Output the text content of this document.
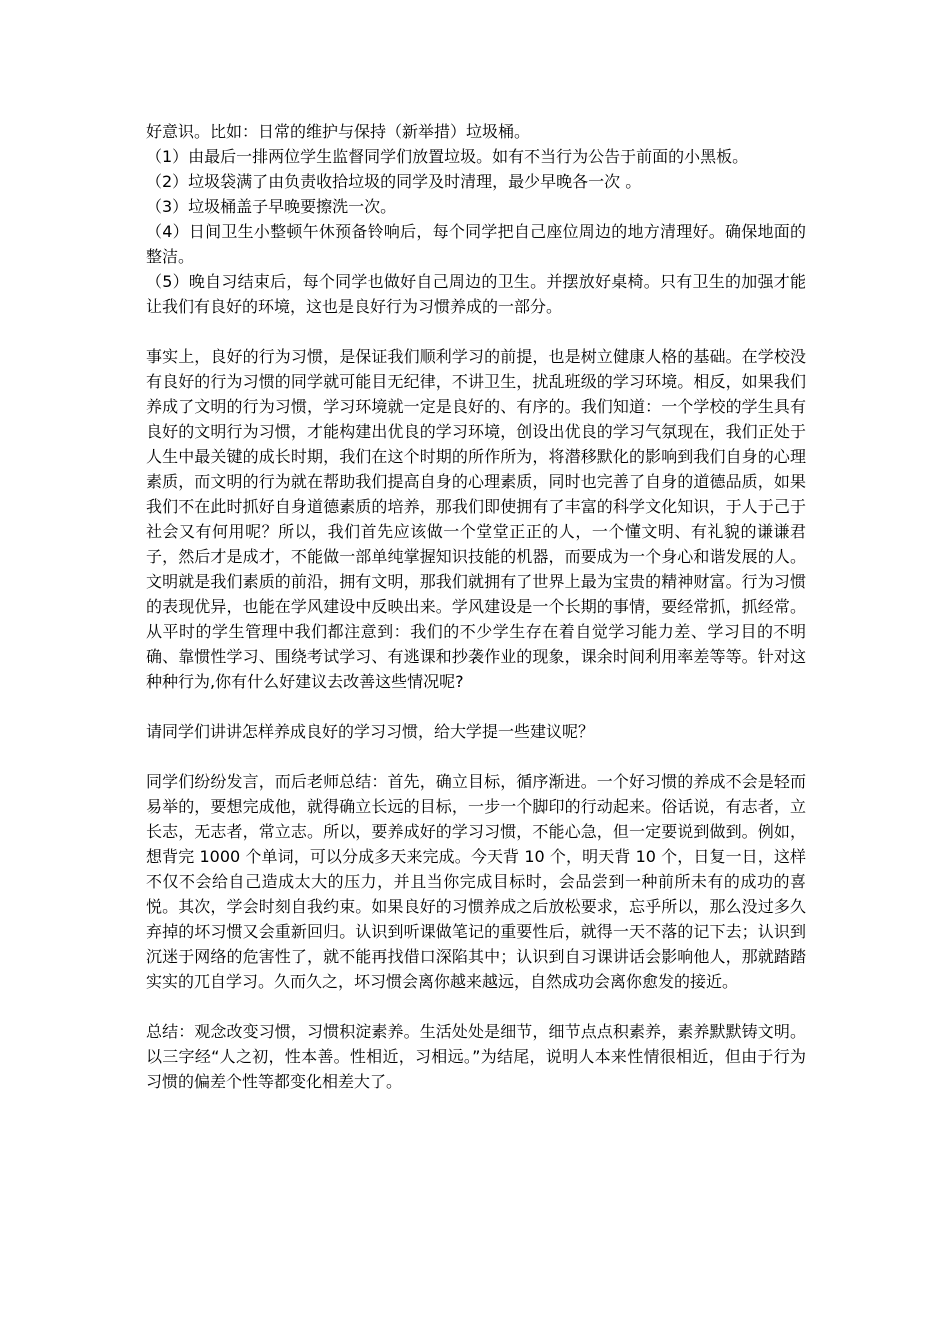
好意识。比如：日常的维护与保持（新举措）垃圾桶。

（1）由最后一排两位学生监督同学们放置垃圾。如有不当行为公告于前面的小黑板。

（2）垃圾袋满了由负责收拾垃圾的同学及时清理，最少早晚各一次 。

（3）垃圾桶盖子早晚要擦洗一次。

（4）日间卫生小整顿午休预备铃响后，每个同学把自己座位周边的地方清理好。确保地面的整洁。

（5）晚自习结束后，每个同学也做好自己周边的卫生。并摆放好桌椅。只有卫生的加强才能让我们有良好的环境，这也是良好行为习惯养成的一部分。

事实上，良好的行为习惯，是保证我们顺利学习的前提，也是树立健康人格的基础。在学校没有良好的行为习惯的同学就可能目无纪律，不讲卫生，扰乱班级的学习环境。相反，如果我们养成了文明的行为习惯，学习环境就一定是良好的、有序的。我们知道：一个学校的学生具有良好的文明行为习惯，才能构建出优良的学习环境，创设出优良的学习气氛现在，我们正处于人生中最关键的成长时期，我们在这个时期的所作所为，将潜移默化的影响到我们自身的心理素质，而文明的行为就在帮助我们提高自身的心理素质，同时也完善了自身的道德品质，如果我们不在此时抓好自身道德素质的培养，那我们即使拥有了丰富的科学文化知识，于人于己于社会又有何用呢？所以，我们首先应该做一个堂堂正正的人，一个懂文明、有礼貌的谦谦君子，然后才是成才，不能做一部单纯掌握知识技能的机器，而要成为一个身心和谐发展的人。文明就是我们素质的前沿，拥有文明，那我们就拥有了世界上最为宝贵的精神财富。行为习惯的表现优异，也能在学风建设中反映出来。学风建设是一个长期的事情，要经常抓，抓经常。从平时的学生管理中我们都注意到：我们的不少学生存在着自觉学习能力差、学习目的不明确、靠惯性学习、围绕考试学习、有逃课和抄袭作业的现象，课余时间利用率差等等。针对这种种行为,你有什么好建议去改善这些情况呢?

请同学们讲讲怎样养成良好的学习习惯，给大学提一些建议呢？

同学们纷纷发言，而后老师总结：首先，确立目标，循序渐进。一个好习惯的养成不会是轻而易举的，要想完成他，就得确立长远的目标，一步一个脚印的行动起来。俗话说，有志者，立长志，无志者，常立志。所以，要养成好的学习习惯，不能心急，但一定要说到做到。例如，想背完 1000 个单词，可以分成多天来完成。今天背 10 个，明天背 10 个，日复一日，这样不仅不会给自己造成太大的压力，并且当你完成目标时，会品尝到一种前所未有的成功的喜悦。其次，学会时刻自我约束。如果良好的习惯养成之后放松要求，忘乎所以，那么没过多久弃掉的坏习惯又会重新回归。认识到听课做笔记的重要性后，就得一天不落的记下去；认识到沉迷于网络的危害性了，就不能再找借口深陷其中；认识到自习课讲话会影响他人，那就踏踏实实的兀自学习。久而久之，坏习惯会离你越来越远，自然成功会离你愈发的接近。

总结：观念改变习惯，习惯积淀素养。生活处处是细节，细节点点积素养，素养默默铸文明。以三字经“人之初，性本善。性相近，习相远。”为结尾，说明人本来性情很相近，但由于行为习惯的偏差个性等都变化相差大了。
